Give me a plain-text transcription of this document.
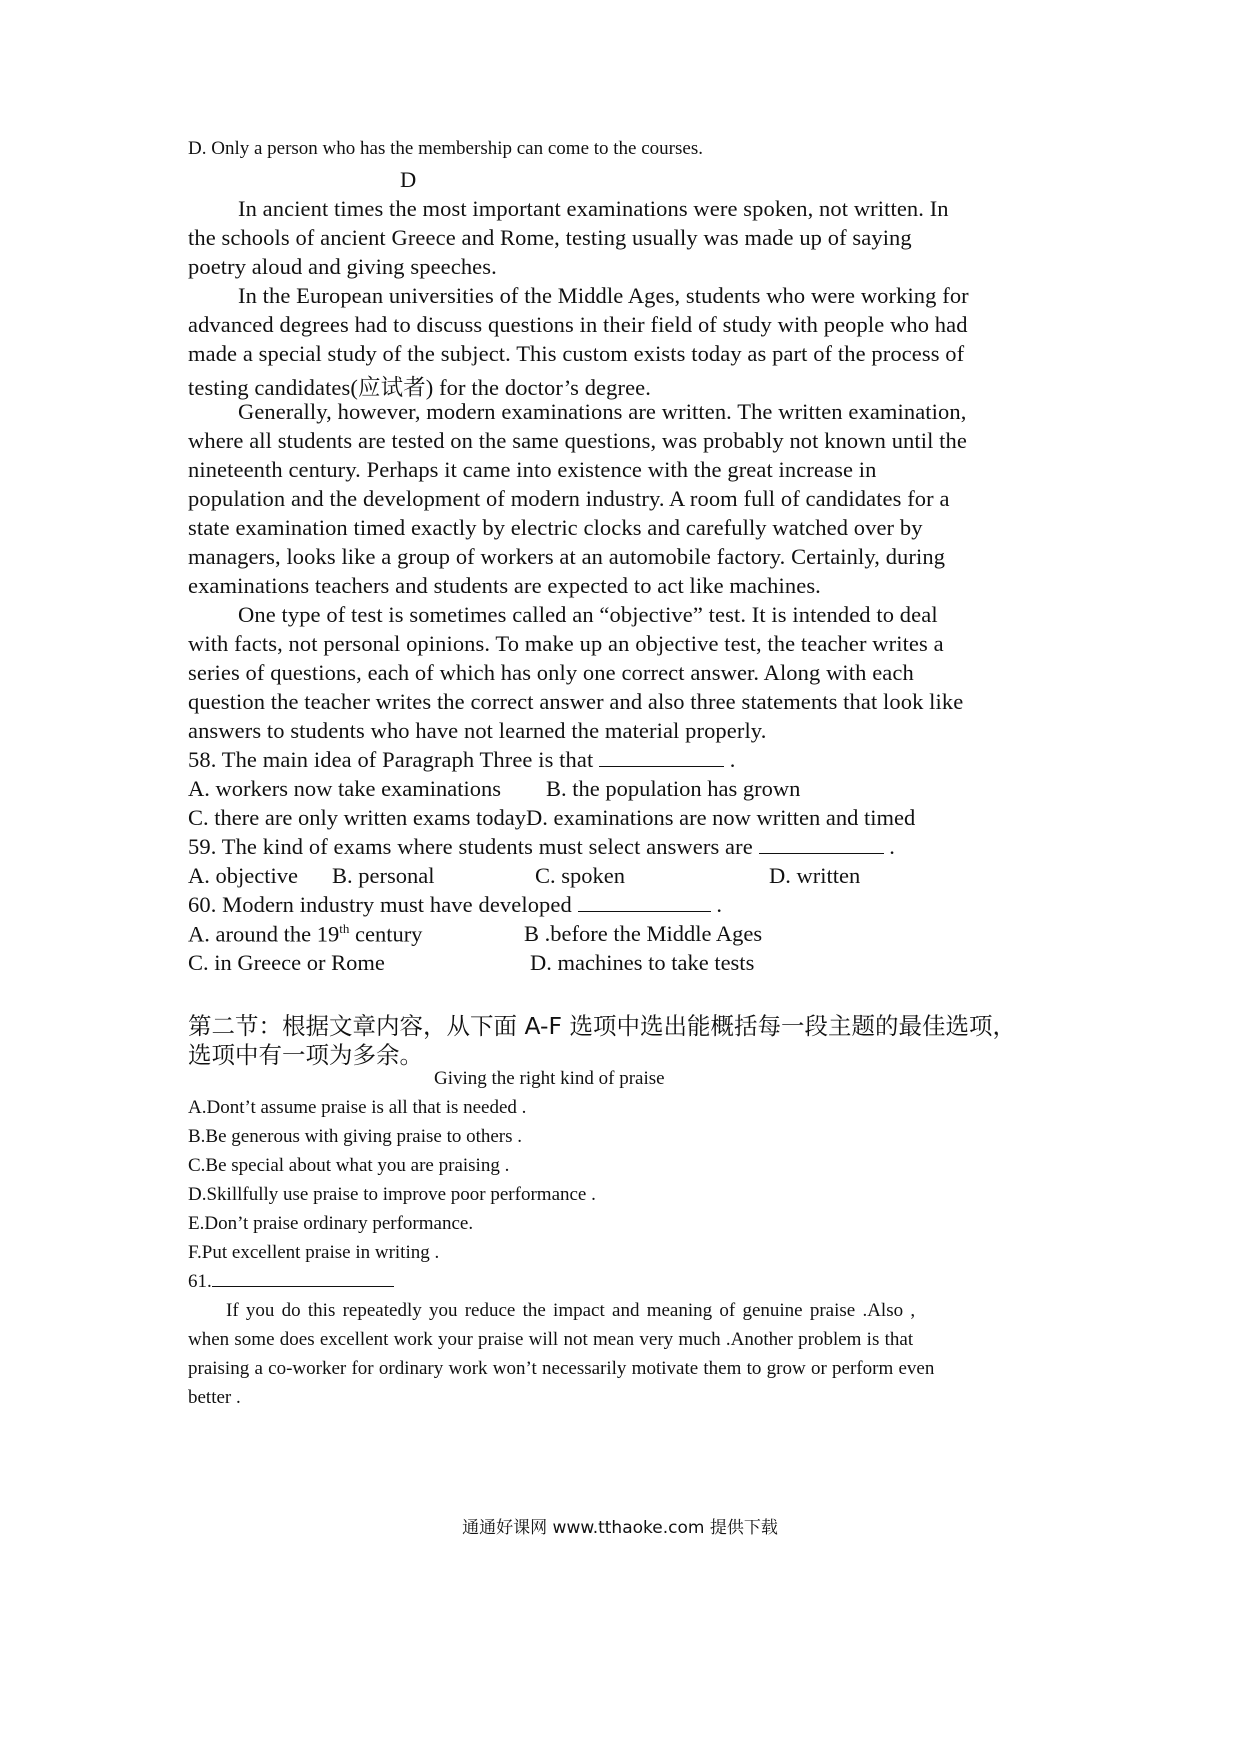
D. Only a person who has the membership can come to the courses.
D
In ancient times the most important examinations were spoken, not written. In
the schools of ancient Greece and Rome, testing usually was made up of saying
poetry aloud and giving speeches.
In the European universities of the Middle Ages, students who were working for
advanced degrees had to discuss questions in their field of study with people who had
made a special study of the subject. This custom exists today as part of the process of
testing candidates(应试者) for the doctor’s degree.
Generally, however, modern examinations are written. The written examination,
where all students are tested on the same questions, was probably not known until the
nineteenth century. Perhaps it came into existence with the great increase in
population and the development of modern industry. A room full of candidates for a
state examination timed exactly by electric clocks and carefully watched over by
managers, looks like a group of workers at an automobile factory. Certainly, during
examinations teachers and students are expected to act like machines.
One type of test is sometimes called an “objective” test. It is intended to deal
with facts, not personal opinions. To make up an objective test, the teacher writes a
series of questions, each of which has only one correct answer. Along with each
question the teacher writes the correct answer and also three statements that look like
answers to students who have not learned the material properly.
58. The main idea of Paragraph Three is that	.
A. workers now take examinations B. the population has grown
C. there are only written exams today D. examinations are now written and timed
59. The kind of exams where students must select answers are	.
A. objective B. personal	C. spoken	D. written
60. Modern industry must have developed	.
A. around the 19th century	B .before the Middle Ages
C. in Greece or Rome	D. machines to take tests
第二节：根据文章内容，从下面 A-F 选项中选出能概括每一段主题的最佳选项，
选项中有一项为多余。
Giving the right kind of praise
A.Dont’t assume praise is all that is needed .
B.Be generous with giving praise to others .
C.Be special about what you are praising .
D.Skillfully use praise to improve poor performance .
E.Don’t praise ordinary performance.
F.Put excellent praise in writing .
61.
If you do this repeatedly you reduce the impact and meaning of genuine praise .Also ,
when some does excellent work your praise will not mean very much .Another problem is that
praising a co-worker for ordinary work won’t necessarily motivate them to grow or perform even
better .
通通好课网 www.tthaoke.com 提供下载
